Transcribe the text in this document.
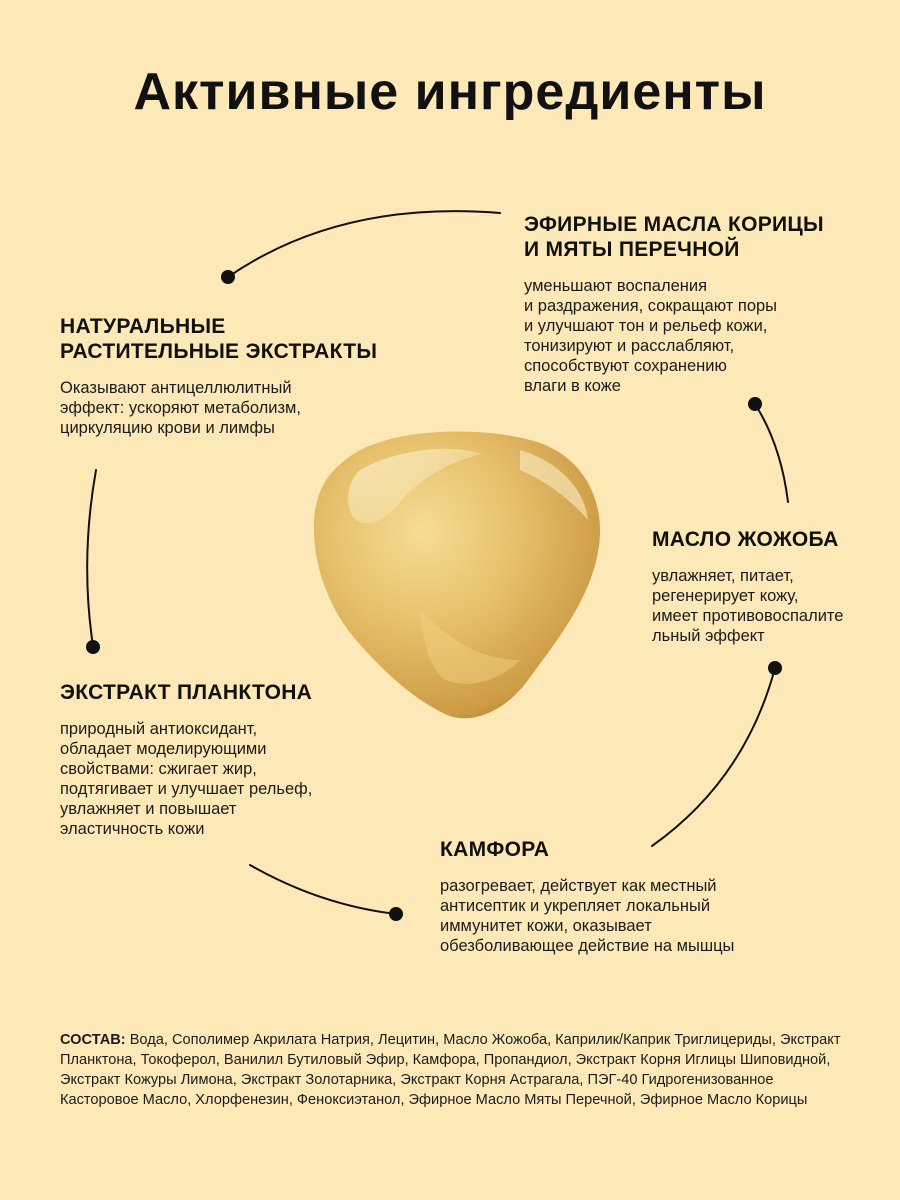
Активные ингредиенты
ЭФИРНЫЕ МАСЛА КОРИЦЫ
И МЯТЫ ПЕРЕЧНОЙ

уменьшают воспаления
и раздражения, сокращают поры
и улучшают тон и рельеф кожи,
тонизируют и расслабляют,
способствуют сохранению
влаги в коже

НАТУРАЛЬНЫЕ
РАСТИТЕЛЬНЫЕ ЭКСТРАКТЫ

Оказывают антицеллюлитный
эффект: ускоряют метаболизм,
циркуляцию крови и лимфы

МАСЛО ЖОЖОБА

увлажняет, питает,
регенерирует кожу,
имеет противовоспалите
льный эффект

ЭКСТРАКТ ПЛАНКТОНА

природный антиоксидант,
обладает моделирующими
свойствами: сжигает жир,
подтягивает и улучшает рельеф,
увлажняет и повышает
эластичность кожи

КАМФОРА

разогревает, действует как местный
антисептик и укрепляет локальный
иммунитет кожи, оказывает
обезболивающее действие на мышцы

СОСТАВ: Вода, Сополимер Акрилата Натрия, Лецитин, Масло Жожоба, Каприлик/Каприк Триглицериды, Экстракт Планктона, Токоферол, Ванилил Бутиловый Эфир, Камфора, Пропандиол, Экстракт Корня Иглицы Шиповидной, Экстракт Кожуры Лимона, Экстракт Золотарника, Экстракт Корня Астрагала, ПЭГ-40 Гидрогенизованное Касторовое Масло, Хлорфенезин, Феноксиэтанол, Эфирное Масло Мяты Перечной, Эфирное Масло Корицы
